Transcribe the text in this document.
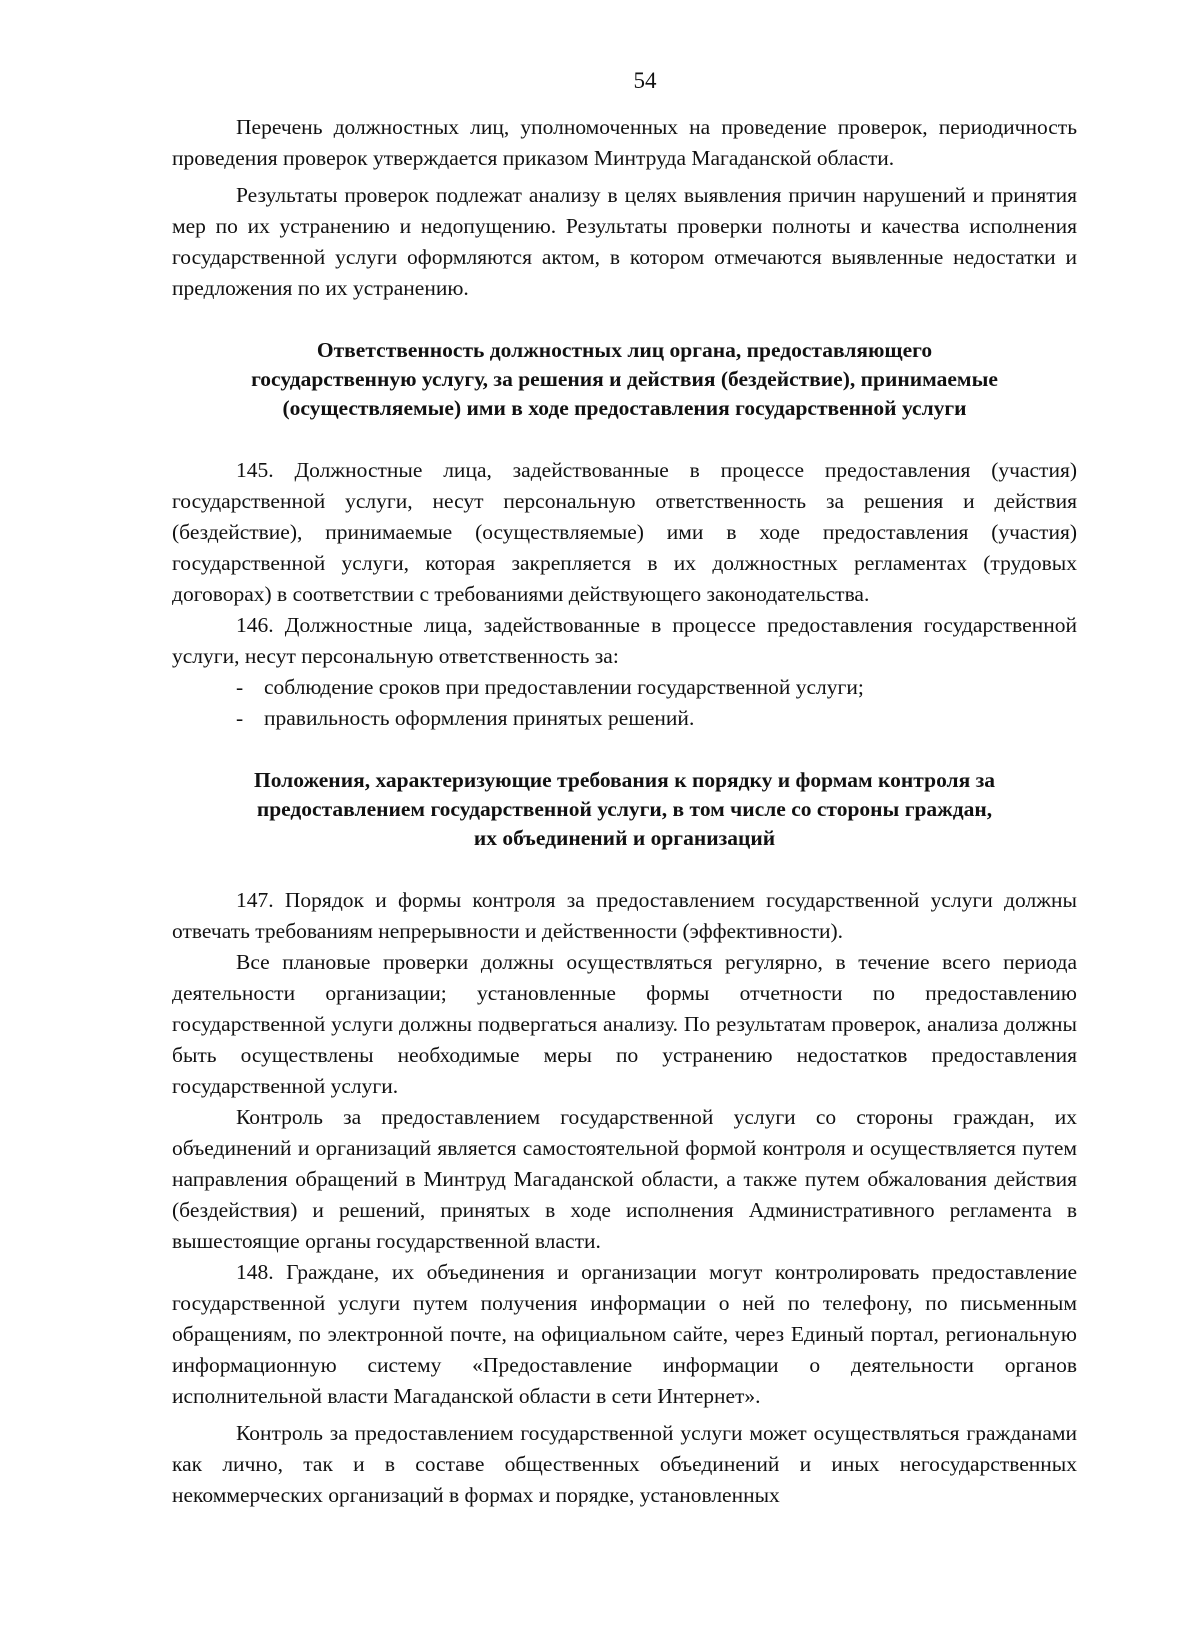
54

Перечень должностных лиц, уполномоченных на проведение проверок, периодичность проведения проверок утверждается приказом Минтруда Магаданской области.

Результаты проверок подлежат анализу в целях выявления причин нарушений и принятия мер по их устранению и недопущению. Результаты проверки полноты и качества исполнения государственной услуги оформляются актом, в котором отмечаются выявленные недостатки и предложения по их устранению.

Ответственность должностных лиц органа, предоставляющего
государственную услугу, за решения и действия (бездействие), принимаемые
(осуществляемые) ими в ходе предоставления государственной услуги

145. Должностные лица, задействованные в процессе предоставления (участия) государственной услуги, несут персональную ответственность за решения и действия (бездействие), принимаемые (осуществляемые) ими в ходе предоставления (участия) государственной услуги, которая закрепляется в их должностных регламентах (трудовых договорах) в соответствии с требованиями действующего законодательства.

146. Должностные лица, задействованные в процессе предоставления государственной услуги, несут персональную ответственность за:

- соблюдение сроков при предоставлении государственной услуги;

- правильность оформления принятых решений.

Положения, характеризующие требования к порядку и формам контроля за
предоставлением государственной услуги, в том числе со стороны граждан,
их объединений и организаций

147. Порядок и формы контроля за предоставлением государственной услуги должны отвечать требованиям непрерывности и действенности (эффективности).

Все плановые проверки должны осуществляться регулярно, в течение всего периода деятельности организации; установленные формы отчетности по предоставлению государственной услуги должны подвергаться анализу. По результатам проверок, анализа должны быть осуществлены необходимые меры по устранению недостатков предоставления государственной услуги.

Контроль за предоставлением государственной услуги со стороны граждан, их объединений и организаций является самостоятельной формой контроля и осуществляется путем направления обращений в Минтруд Магаданской области, а также путем обжалования действия (бездействия) и решений, принятых в ходе исполнения Административного регламента в вышестоящие органы государственной власти.

148. Граждане, их объединения и организации могут контролировать предоставление государственной услуги путем получения информации о ней по телефону, по письменным обращениям, по электронной почте, на официальном сайте, через Единый портал, региональную информационную систему «Предоставление информации о деятельности органов исполнительной власти Магаданской области в сети Интернет».

Контроль за предоставлением государственной услуги может осуществляться гражданами как лично, так и в составе общественных объединений и иных негосударственных некоммерческих организаций в формах и порядке, установленных
